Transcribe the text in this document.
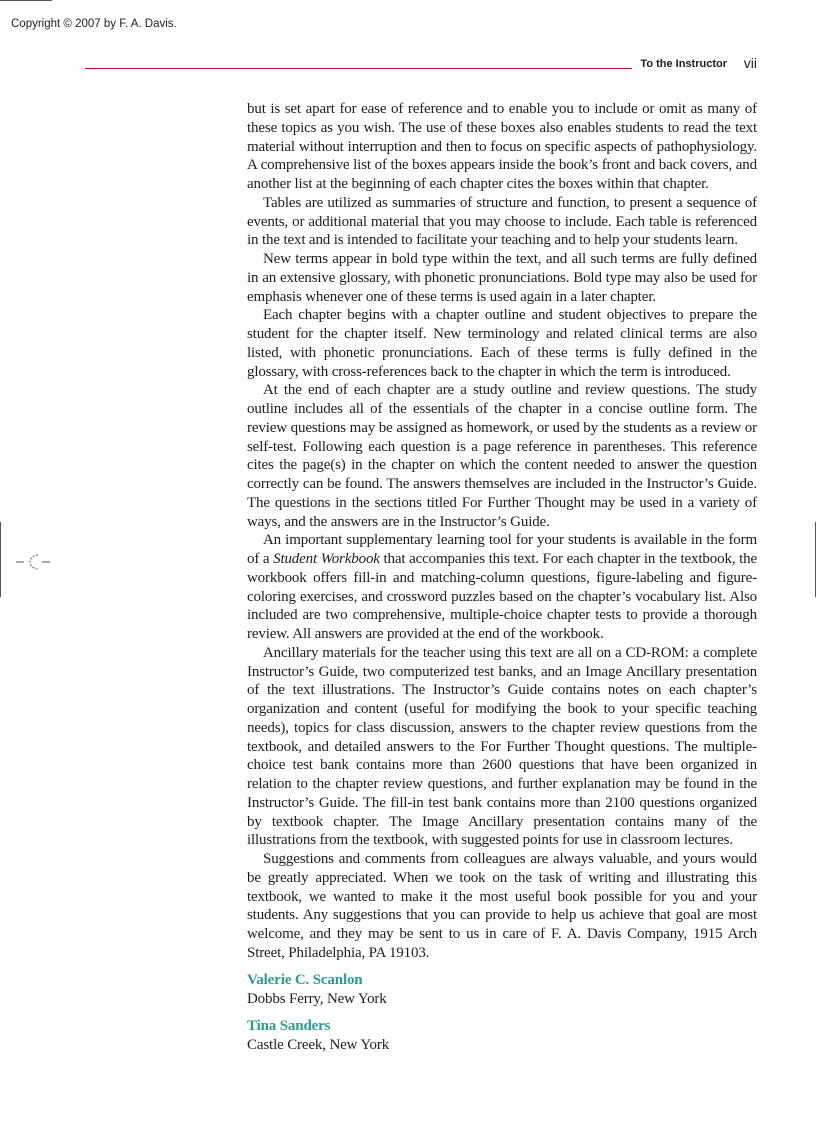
Copyright © 2007 by F. A. Davis.
To the Instructor vii

but is set apart for ease of reference and to enable you to include or omit as many of these topics as you wish. The use of these boxes also enables students to read the text material without interruption and then to focus on specific aspects of pathophysiology. A comprehensive list of the boxes appears inside the book’s front and back covers, and another list at the beginning of each chapter cites the boxes within that chapter.

Tables are utilized as summaries of structure and function, to present a sequence of events, or additional material that you may choose to include. Each table is referenced in the text and is intended to facilitate your teaching and to help your students learn.

New terms appear in bold type within the text, and all such terms are fully defined in an extensive glossary, with phonetic pronunciations. Bold type may also be used for emphasis whenever one of these terms is used again in a later chapter.

Each chapter begins with a chapter outline and student objectives to prepare the student for the chapter itself. New terminology and related clinical terms are also listed, with phonetic pronunciations. Each of these terms is fully defined in the glossary, with cross-references back to the chapter in which the term is introduced.

At the end of each chapter are a study outline and review questions. The study outline includes all of the essentials of the chapter in a concise outline form. The review questions may be assigned as homework, or used by the students as a review or self-test. Following each question is a page reference in parentheses. This reference cites the page(s) in the chapter on which the content needed to answer the question correctly can be found. The answers themselves are included in the Instructor’s Guide. The questions in the sections titled For Further Thought may be used in a variety of ways, and the answers are in the Instructor’s Guide.

An important supplementary learning tool for your students is available in the form of a Student Workbook that accompanies this text. For each chapter in the textbook, the workbook offers fill-in and matching-column questions, figure-labeling and figure-coloring exercises, and crossword puzzles based on the chapter’s vocabulary list. Also included are two comprehensive, multiple-choice chapter tests to provide a thorough review. All answers are provided at the end of the workbook.

Ancillary materials for the teacher using this text are all on a CD-ROM: a complete Instructor’s Guide, two computerized test banks, and an Image Ancillary presentation of the text illustrations. The Instructor’s Guide contains notes on each chapter’s organization and content (useful for modifying the book to your specific teaching needs), topics for class discussion, answers to the chapter review questions from the textbook, and detailed answers to the For Further Thought questions. The multiple-choice test bank contains more than 2600 questions that have been organized in relation to the chapter review questions, and further explanation may be found in the Instructor’s Guide. The fill-in test bank contains more than 2100 questions organized by textbook chapter. The Image Ancillary presentation contains many of the illustrations from the textbook, with suggested points for use in classroom lectures.

Suggestions and comments from colleagues are always valuable, and yours would be greatly appreciated. When we took on the task of writing and illustrating this textbook, we wanted to make it the most useful book possible for you and your students. Any suggestions that you can provide to help us achieve that goal are most welcome, and they may be sent to us in care of F. A. Davis Company, 1915 Arch Street, Philadelphia, PA 19103.

Valerie C. Scanlon
Dobbs Ferry, New York
Tina Sanders
Castle Creek, New York
